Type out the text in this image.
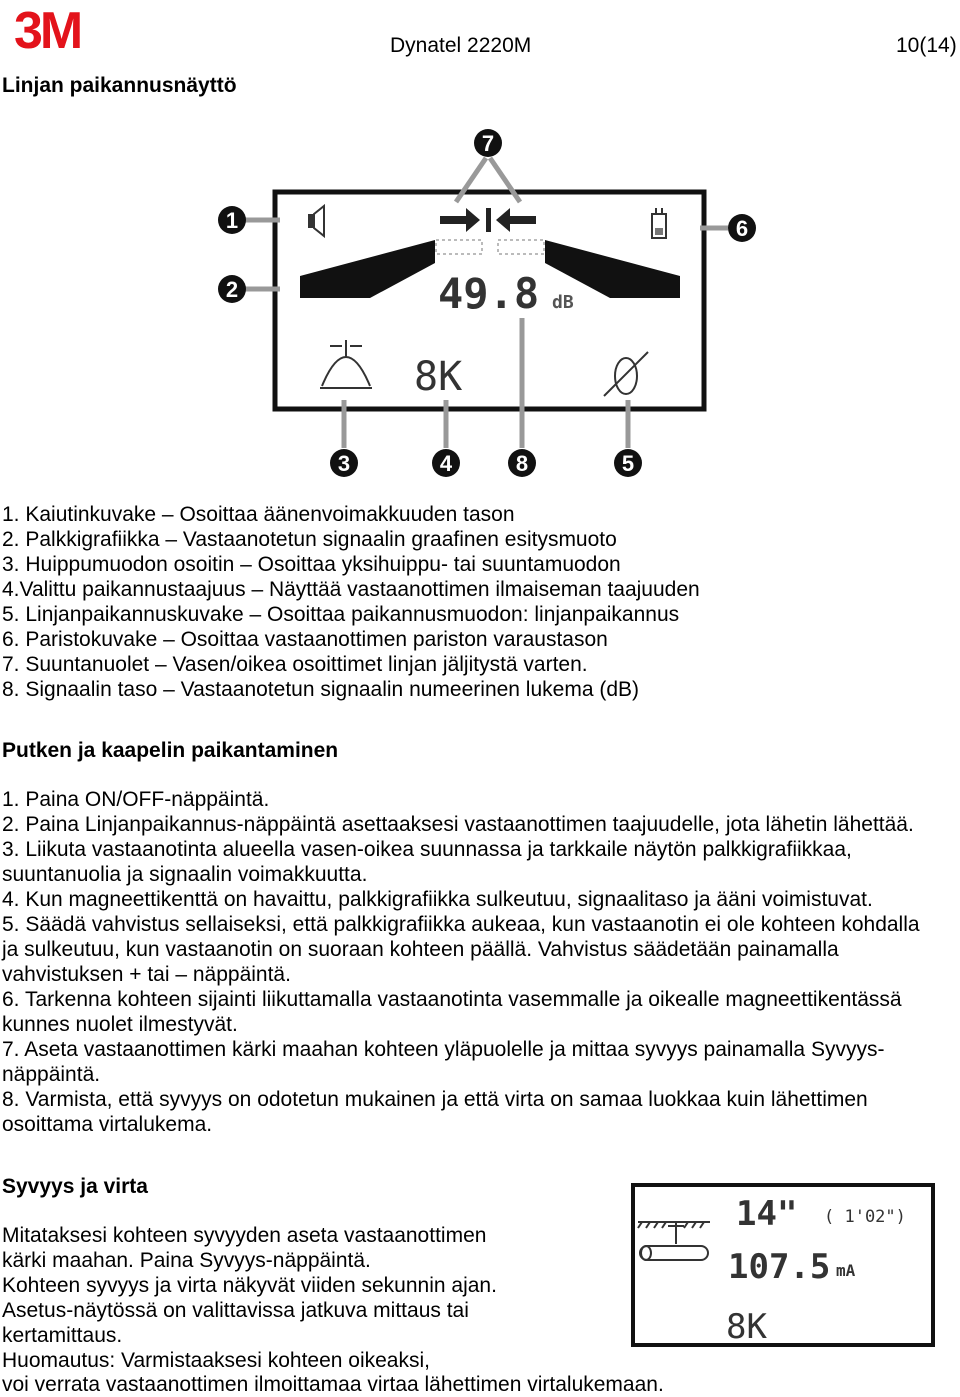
3M	Dynatel 2220M	10(14)
Linjan paikannusnäyttö
49.8 dB
8K
1
2
3	4	5
6
7
8
1. Kaiutinkuvake – Osoittaa äänenvoimakkuuden tason
2. Palkkigrafiikka – Vastaanotetun signaalin graafinen esitysmuoto
3. Huippumuodon osoitin – Osoittaa yksihuippu- tai suuntamuodon
4.Valittu paikannustaajuus – Näyttää vastaanottimen ilmaiseman taajuuden
5. Linjanpaikannuskuvake – Osoittaa paikannusmuodon: linjanpaikannus
6. Paristokuvake – Osoittaa vastaanottimen pariston varaustason
7. Suuntanuolet – Vasen/oikea osoittimet linjan jäljitystä varten.
8. Signaalin taso – Vastaanotetun signaalin numeerinen lukema (dB)
Putken ja kaapelin paikantaminen
1. Paina ON/OFF-näppäintä.
2. Paina Linjanpaikannus-näppäintä asettaaksesi vastaanottimen taajuudelle, jota lähetin lähettää.
3. Liikuta vastaanotinta alueella vasen-oikea suunnassa ja tarkkaile näytön palkkigrafiikkaa,
suuntanuolia ja signaalin voimakkuutta.
4. Kun magneettikenttä on havaittu, palkkigrafiikka sulkeutuu, signaalitaso ja ääni voimistuvat.
5. Säädä vahvistus sellaiseksi, että palkkigrafiikka aukeaa, kun vastaanotin ei ole kohteen kohdalla
ja sulkeutuu, kun vastaanotin on suoraan kohteen päällä. Vahvistus säädetään painamalla
vahvistuksen + tai – näppäintä.
6. Tarkenna kohteen sijainti liikuttamalla vastaanotinta vasemmalle ja oikealle magneettikentässä
kunnes nuolet ilmestyvät.
7. Aseta vastaanottimen kärki maahan kohteen yläpuolelle ja mittaa syvyys painamalla Syvyys-
näppäintä.
8. Varmista, että syvyys on odotetun mukainen ja että virta on samaa luokkaa kuin lähettimen
osoittama virtalukema.
Syvyys ja virta
14" ( 1'02")
107.5 mA
8K
Mitataksesi kohteen syvyyden aseta vastaanottimen
kärki maahan. Paina Syvyys-näppäintä.
Kohteen syvyys ja virta näkyvät viiden sekunnin ajan.
Asetus-näytössä on valittavissa jatkuva mittaus tai
kertamittaus.
Huomautus: Varmistaaksesi kohteen oikeaksi,
voi verrata vastaanottimen ilmoittamaa virtaa lähettimen virtalukemaan.
